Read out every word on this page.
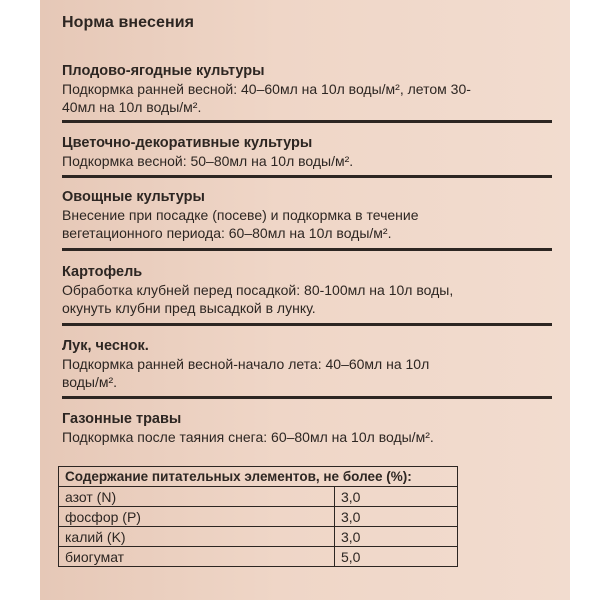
Норма внесения
Плодово-ягодные культуры
Подкормка ранней весной: 40–60мл на 10л воды/м², летом 30-
40мл на 10л воды/м².
Цветочно-декоративные культуры
Подкормка весной: 50–80мл на 10л воды/м².
Овощные культуры
Внесение при посадке (посеве) и подкормка в течение
вегетационного периода: 60–80мл на 10л воды/м².
Картофель
Обработка клубней перед посадкой: 80-100мл на 10л воды,
окунуть клубни пред высадкой в лунку.
Лук, чеснок.
Подкормка ранней весной-начало лета: 40–60мл на 10л
воды/м².
Газонные травы
Подкормка после таяния снега: 60–80мл на 10л воды/м².
Содержание питательных элементов, не более (%):	
азот (N)	3,0
фосфор (P)	3,0
калий (K)	3,0
биогумат	5,0
